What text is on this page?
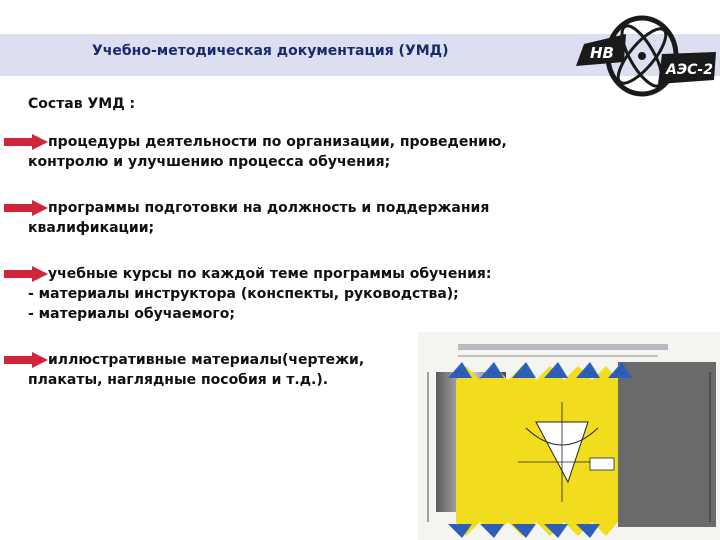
Учебно-методическая документация (УМД)	НВ
АЭС-2
Состав УМД :
процедуры деятельности по организации, проведению,
контролю и улучшению процесса обучения;
программы подготовки на должность и поддержания
квалификации;
учебные курсы по каждой теме программы обучения:
- материалы инструктора (конспекты, руководства);
- материалы обучаемого;
иллюстративные материалы(чертежи,
плакаты, наглядные пособия и т.д.).
